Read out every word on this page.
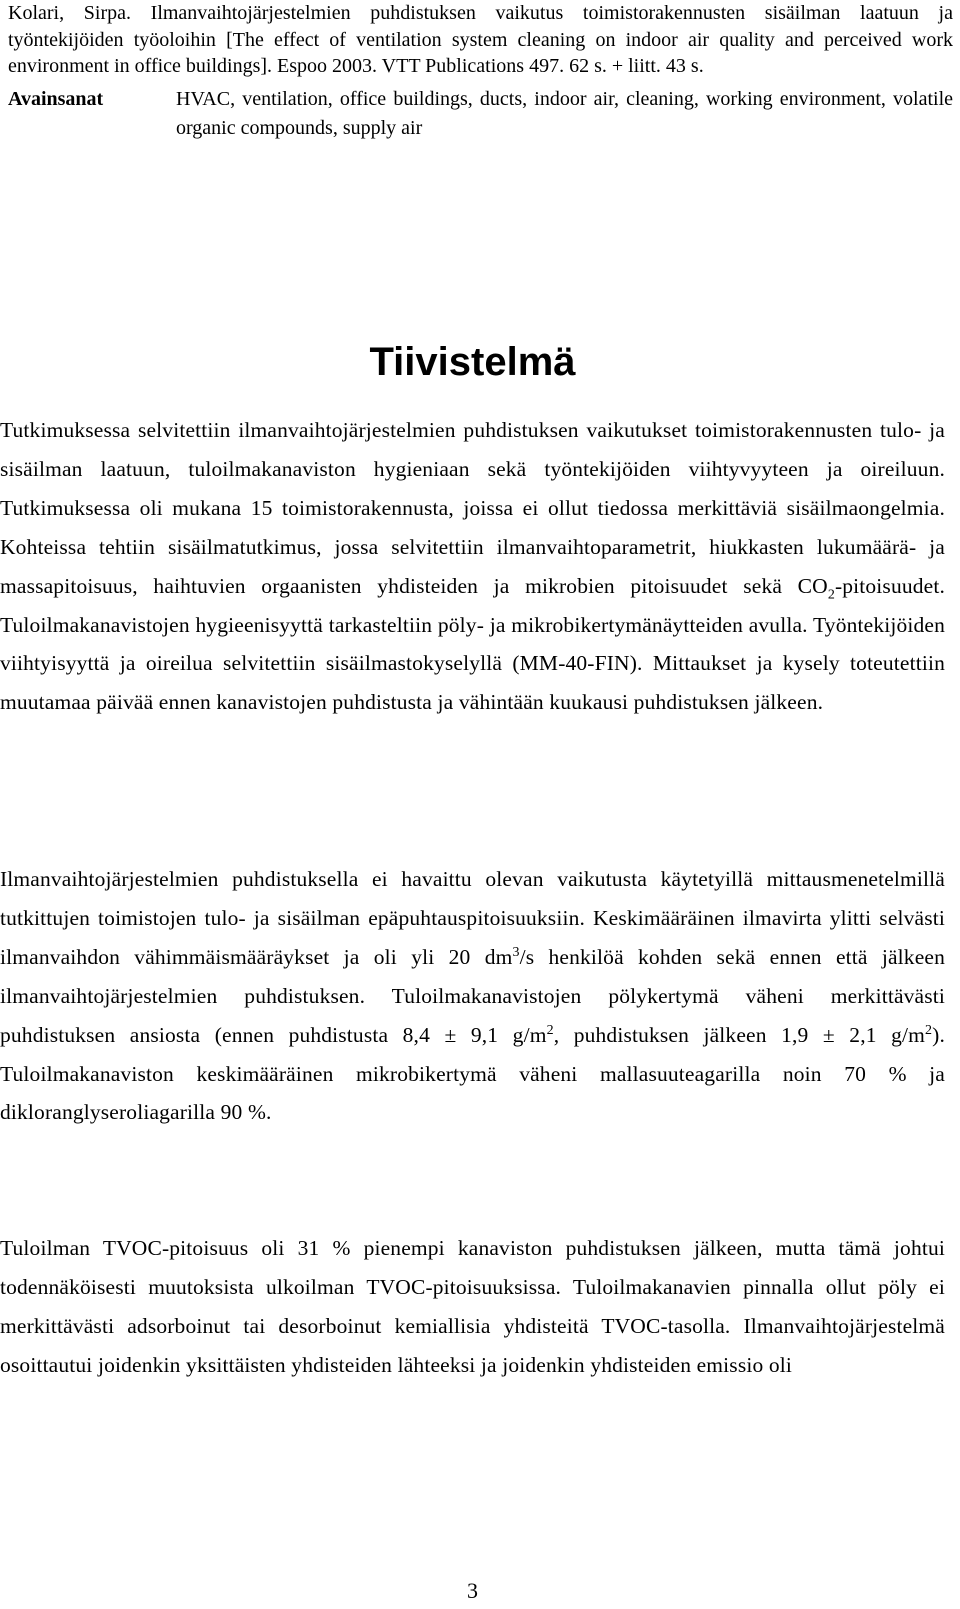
Kolari, Sirpa. Ilmanvaihtojärjestelmien puhdistuksen vaikutus toimistorakennusten sisäilman laatuun ja työntekijöiden työoloihin [The effect of ventilation system cleaning on indoor air quality and perceived work environment in office buildings]. Espoo 2003. VTT Publications 497. 62 s. + liitt. 43 s.

Avainsanat	HVAC, ventilation, office buildings, ducts, indoor air, cleaning, working environment, volatile organic compounds, supply air
Tiivistelmä

Tutkimuksessa selvitettiin ilmanvaihtojärjestelmien puhdistuksen vaikutukset toimistorakennusten tulo- ja sisäilman laatuun, tuloilmakanaviston hygieniaan sekä työntekijöiden viihtyvyyteen ja oireiluun. Tutkimuksessa oli mukana 15 toimistorakennusta, joissa ei ollut tiedossa merkittäviä sisäilmaongelmia. Kohteissa tehtiin sisäilmatutkimus, jossa selvitettiin ilmanvaihtoparametrit, hiukkasten lukumäärä- ja massapitoisuus, haihtuvien orgaanisten yhdisteiden ja mikrobien pitoisuudet sekä $CO_2$-pitoisuudet. Tuloilmakanavistojen hygieenisyyttä tarkasteltiin pöly- ja mikrobikertymänäytteiden avulla. Työntekijöiden viihtyisyyttä ja oireilua selvitettiin sisäilmastokyselyllä (MM-40-FIN). Mittaukset ja kysely toteutettiin muutamaa päivää ennen kanavistojen puhdistusta ja vähintään kuukausi puhdistuksen jälkeen.

Ilmanvaihtojärjestelmien puhdistuksella ei havaittu olevan vaikutusta käytetyillä mittausmenetelmillä tutkittujen toimistojen tulo- ja sisäilman epäpuhtauspitoisuuksiin. Keskimääräinen ilmavirta ylitti selvästi ilmanvaihdon vähimmäismääräykset ja oli yli 20 $dm^3/s$ henkilöä kohden sekä ennen että jälkeen ilmanvaihtojärjestelmien puhdistuksen. Tuloilmakanavistojen pölykertymä väheni merkittävästi puhdistuksen ansiosta (ennen puhdistusta 8,4 ± 9,1 $g/m^2$, puhdistuksen jälkeen 1,9 ± 2,1 $g/m^2$). Tuloilmakanaviston keskimääräinen mikrobikertymä väheni mallasuuteagarilla noin 70 % ja dikloranglyseroliagarilla 90 %.

Tuloilman TVOC-pitoisuus oli 31 % pienempi kanaviston puhdistuksen jälkeen, mutta tämä johtui todennäköisesti muutoksista ulkoilman TVOC-pitoisuuksissa. Tuloilmakanavien pinnalla ollut pöly ei merkittävästi adsorboinut tai desorboinut kemiallisia yhdisteitä TVOC-tasolla. Ilmanvaihtojärjestelmä osoittautui joidenkin yksittäisten yhdisteiden lähteeksi ja joidenkin yhdisteiden emissio oli

3
